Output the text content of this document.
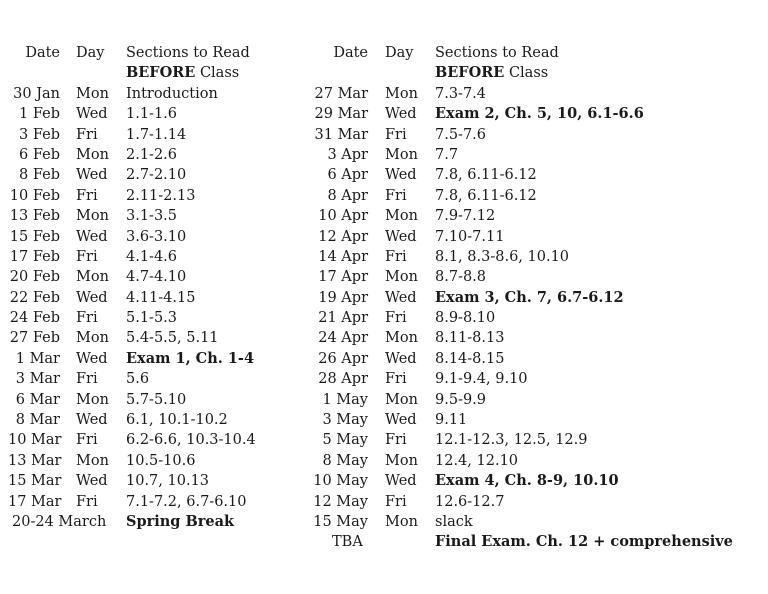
Date Day Sections to Read
BEFORE Class
30 Jan Mon Introduction
1 Feb Wed 1.1-1.6
3 Feb Fri 1.7-1.14
6 Feb Mon 2.1-2.6
8 Feb Wed 2.7-2.10
10 Feb Fri 2.11-2.13
13 Feb Mon 3.1-3.5
15 Feb Wed 3.6-3.10
17 Feb Fri 4.1-4.6
20 Feb Mon 4.7-4.10
22 Feb Wed 4.11-4.15
24 Feb Fri 5.1-5.3
27 Feb Mon 5.4-5.5, 5.11
1 Mar Wed Exam 1, Ch. 1-4
3 Mar Fri 5.6
6 Mar Mon 5.7-5.10
8 Mar Wed 6.1, 10.1-10.2
10 Mar Fri 6.2-6.6, 10.3-10.4
13 Mar Mon 10.5-10.6
15 Mar Wed 10.7, 10.13
17 Mar Fri 7.1-7.2, 6.7-6.10
20-24 March Spring Break
Date Day Sections to Read
BEFORE Class
27 Mar Mon 7.3-7.4
29 Mar Wed Exam 2, Ch. 5, 10, 6.1-6.6
31 Mar Fri 7.5-7.6
3 Apr Mon 7.7
6 Apr Wed 7.8, 6.11-6.12
8 Apr Fri 7.8, 6.11-6.12
10 Apr Mon 7.9-7.12
12 Apr Wed 7.10-7.11
14 Apr Fri 8.1, 8.3-8.6, 10.10
17 Apr Mon 8.7-8.8
19 Apr Wed Exam 3, Ch. 7, 6.7-6.12
21 Apr Fri 8.9-8.10
24 Apr Mon 8.11-8.13
26 Apr Wed 8.14-8.15
28 Apr Fri 9.1-9.4, 9.10
1 May Mon 9.5-9.9
3 May Wed 9.11
5 May Fri 12.1-12.3, 12.5, 12.9
8 May Mon 12.4, 12.10
10 May Wed Exam 4, Ch. 8-9, 10.10
12 May Fri 12.6-12.7
15 May Mon slack
TBA	Final Exam. Ch. 12 + comprehensive
